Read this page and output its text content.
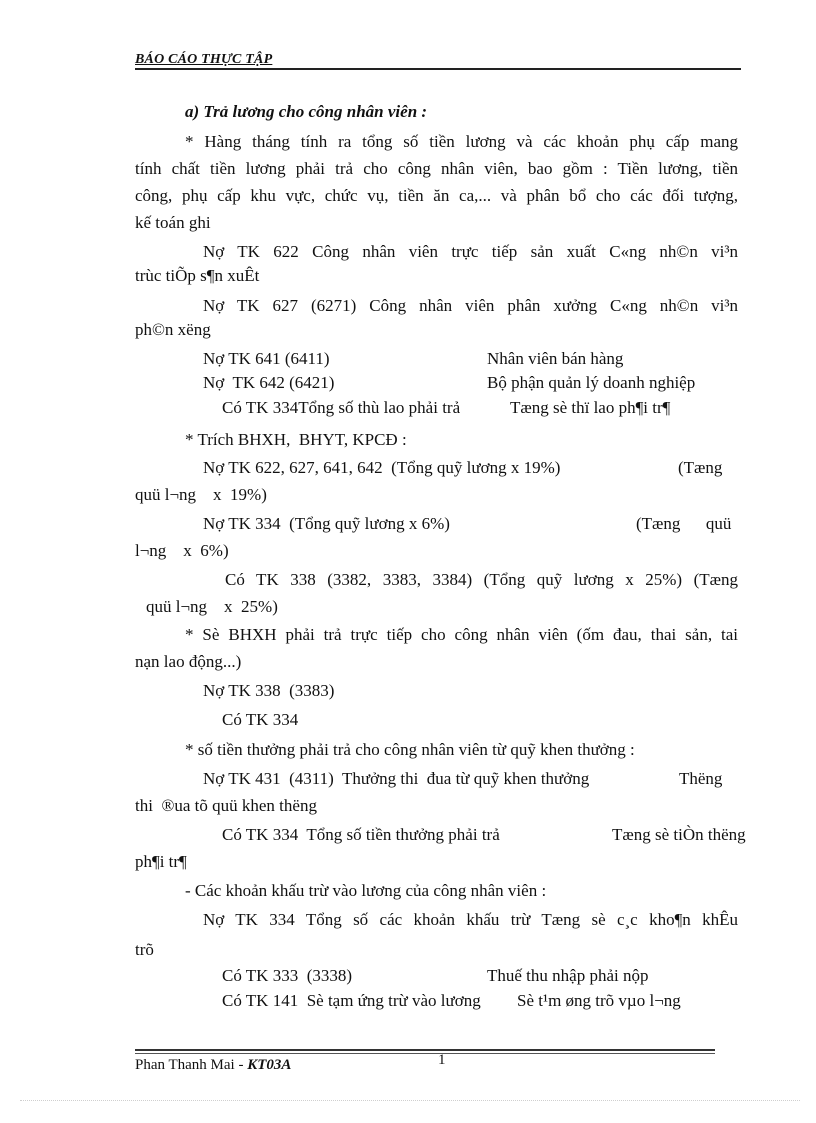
BÁO CÁO THỰC TẬP
a) Trả lương cho công nhân viên :
* Hàng tháng tính ra tổng số tiền lương và các khoản phụ cấp mang
tính chất tiền lương phải trả cho công nhân viên, bao gồm : Tiền lương, tiền
công, phụ cấp khu vực, chức vụ, tiền ăn ca,... và phân bổ cho các đối tượng,
kế toán ghi
Nợ TK 622 Công nhân viên trực tiếp sản xuất C«ng nh©n vi³n
trùc tiÕp s¶n xuÊt
Nợ TK 627 (6271) Công nhân viên phân xưởng C«ng nh©n vi³n
ph©n xëng
Nợ TK 641 (6411)	Nhân viên bán hàng
Nợ  TK 642 (6421)	Bộ phận quản lý doanh nghiệp
Có TK 334Tổng số thù lao phải trả	Tæng sè thï lao ph¶i tr¶
* Trích BHXH,  BHYT, KPCĐ :
Nợ TK 622, 627, 641, 642  (Tổng quỹ lương x 19%)	(Tæng
quü l¬ng    x  19%)
Nợ TK 334  (Tổng quỹ lương x 6%)	(Tæng      quü
l¬ng    x  6%)
Có TK 338 (3382, 3383, 3384) (Tổng quỹ lương x 25%) (Tæng
quü l¬ng    x  25%)
* Sè BHXH phải trả trực tiếp cho công nhân viên (ốm đau, thai sản, tai
nạn lao động...)
Nợ TK 338  (3383)
Có TK 334
* số tiền thưởng phải trả cho công nhân viên từ quỹ khen thưởng :
Nợ TK 431  (4311)  Thưởng thi  đua từ quỹ khen thưởng	Thëng
thi  ®ua tõ quü khen thëng
Có TK 334  Tổng số tiền thưởng phải trả	Tæng sè tiÒn thëng
ph¶i tr¶
- Các khoản khấu trừ vào lương của công nhân viên :
Nợ TK 334 Tổng số các khoản khấu trừ Tæng sè c¸c kho¶n khÊu
trõ
Có TK 333  (3338)	Thuế thu nhập phải nộp
Có TK 141  Sè tạm ứng trừ vào lương Sè t¹m øng trõ vµo l¬ng
Phan Thanh Mai - KT03A	1
